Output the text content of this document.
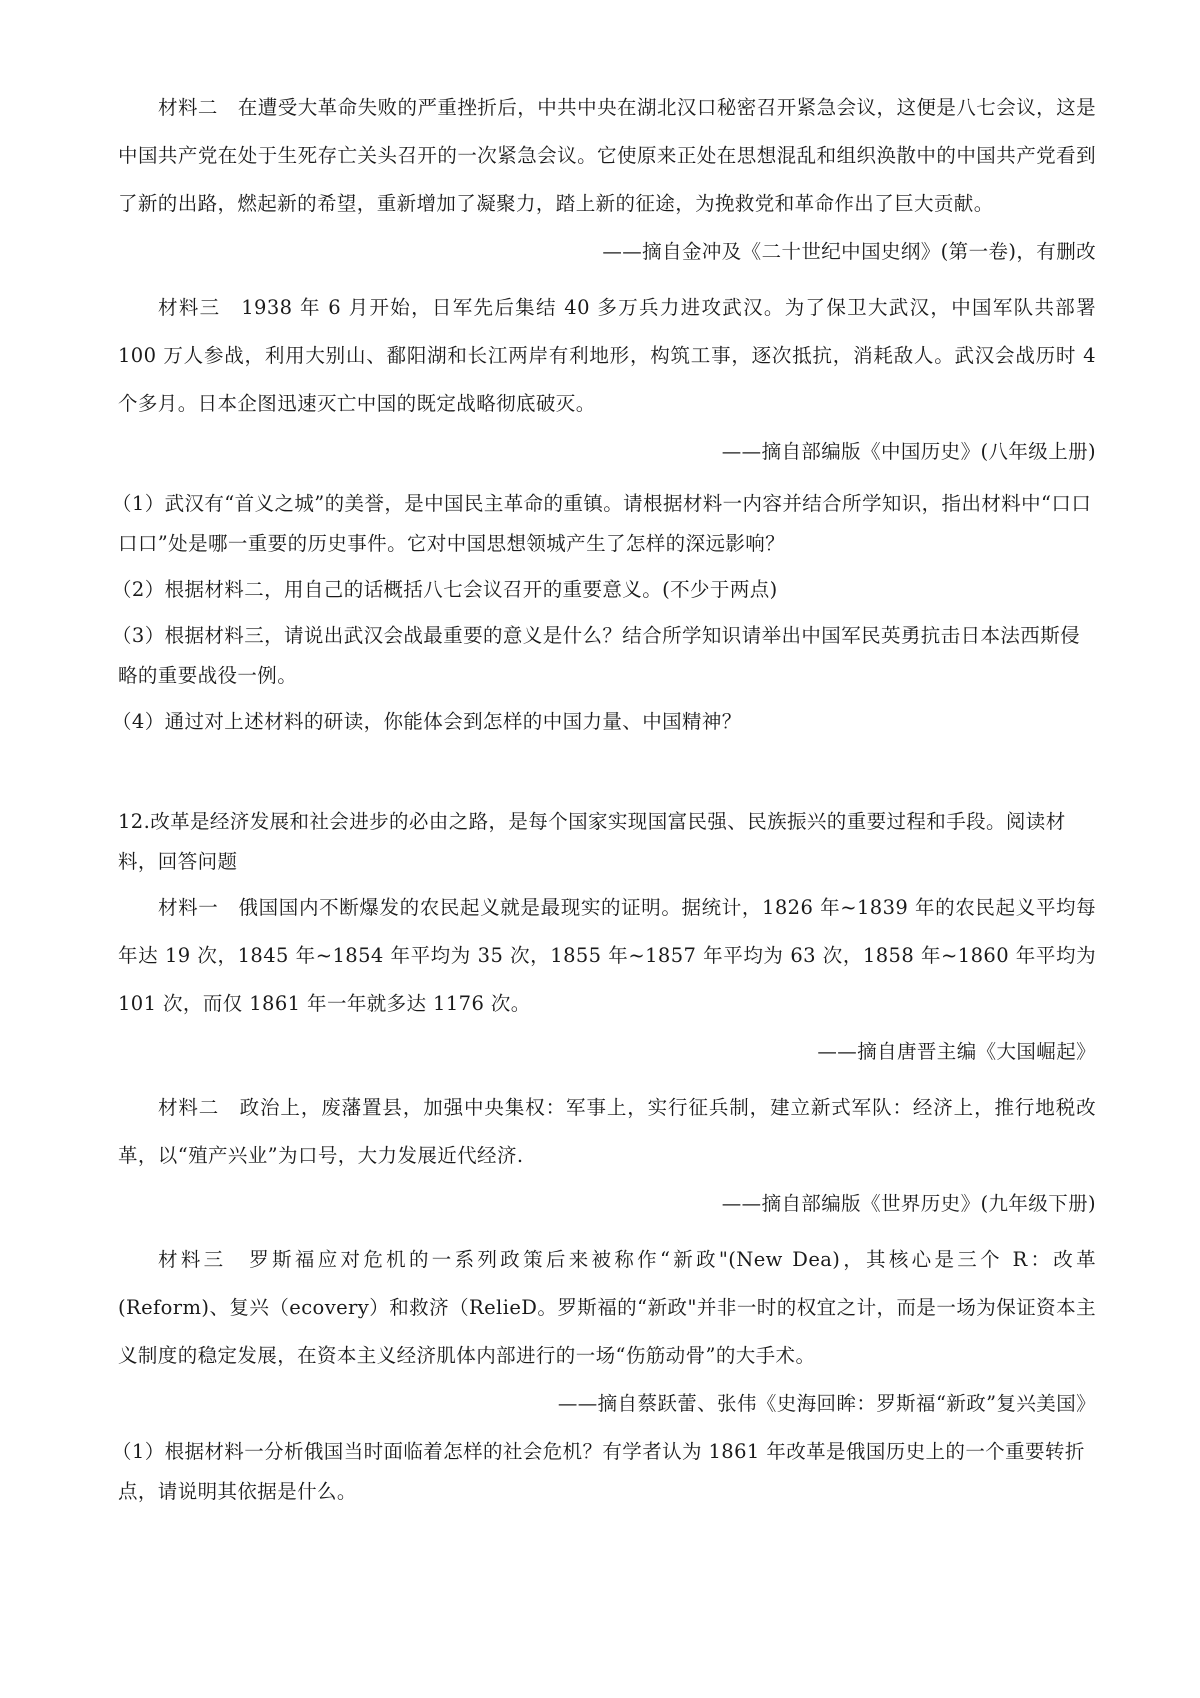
材料二　在遭受大革命失败的严重挫折后，中共中央在湖北汉口秘密召开紧急会议，这便是八七会议，这是中国共产党在处于生死存亡关头召开的一次紧急会议。它使原来正处在思想混乱和组织涣散中的中国共产党看到了新的出路，燃起新的希望，重新增加了凝聚力，踏上新的征途，为挽救党和革命作出了巨大贡献。

——摘自金冲及《二十世纪中国史纲》(第一卷)，有删改

材料三　1938 年 6 月开始，日军先后集结 40 多万兵力进攻武汉。为了保卫大武汉，中国军队共部署 100 万人参战，利用大别山、鄱阳湖和长江两岸有利地形，构筑工事，逐次抵抗，消耗敌人。武汉会战历时 4 个多月。日本企图迅速灭亡中国的既定战略彻底破灭。

——摘自部编版《中国历史》(八年级上册)

（1）武汉有“首义之城”的美誉，是中国民主革命的重镇。请根据材料一内容并结合所学知识，指出材料中“口口口口”处是哪一重要的历史事件。它对中国思想领城产生了怎样的深远影响？

（2）根据材料二，用自己的话概括八七会议召开的重要意义。(不少于两点)

（3）根据材料三，请说出武汉会战最重要的意义是什么？结合所学知识请举出中国军民英勇抗击日本法西斯侵略的重要战役一例。

（4）通过对上述材料的研读，你能体会到怎样的中国力量、中国精神？

12.改革是经济发展和社会进步的必由之路，是每个国家实现国富民强、民族振兴的重要过程和手段。阅读材料，回答问题

材料一　俄国国内不断爆发的农民起义就是最现实的证明。据统计，1826 年~1839 年的农民起义平均每年达 19 次，1845 年~1854 年平均为 35 次，1855 年~1857 年平均为 63 次，1858 年~1860 年平均为 101 次，而仅 1861 年一年就多达 1176 次。

——摘自唐晋主编《大国崛起》

材料二　政治上，废藩置县，加强中央集权：军事上，实行征兵制，建立新式军队：经济上，推行地税改革，以“殖产兴业”为口号，大力发展近代经济.

——摘自部编版《世界历史》(九年级下册)

材料三　罗斯福应对危机的一系列政策后来被称作“新政"(New Dea)，其核心是三个 R：改革(Reform)、复兴（ecovery）和救济（RelieD。罗斯福的“新政"并非一时的权宜之计，而是一场为保证资本主义制度的稳定发展，在资本主义经济肌体内部进行的一场“伤筋动骨”的大手术。

——摘自蔡跃蕾、张伟《史海回眸：罗斯福“新政”复兴美国》

（1）根据材料一分析俄国当时面临着怎样的社会危机？有学者认为 1861 年改革是俄国历史上的一个重要转折点，请说明其依据是什么。
